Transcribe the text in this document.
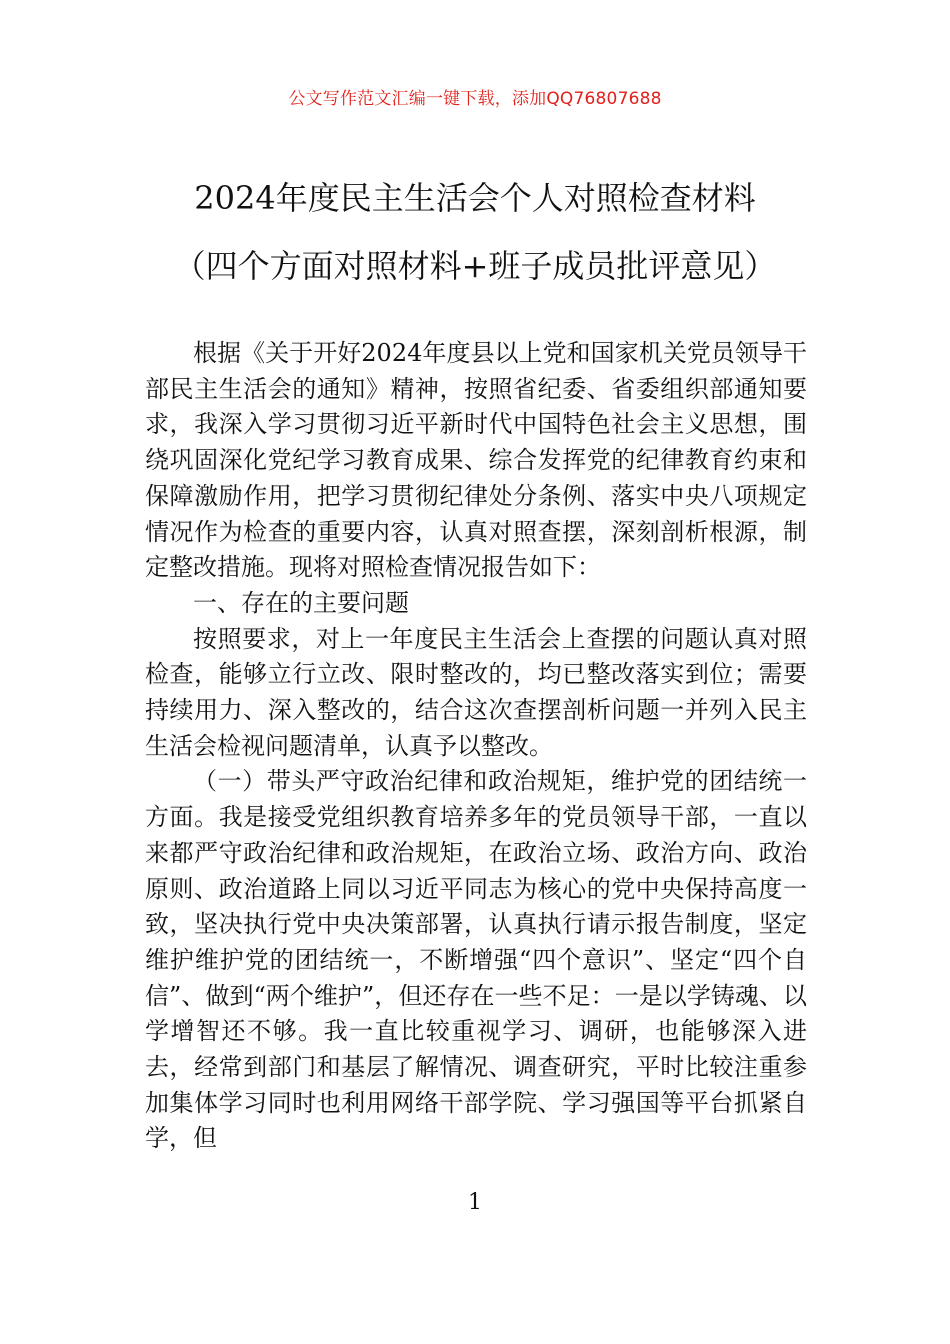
公文写作范文汇编一键下载，添加QQ76807688
2024年度民主生活会个人对照检查材料
（四个方面对照材料+班子成员批评意见）

根据《关于开好2024年度县以上党和国家机关党员领导干部民主生活会的通知》精神，按照省纪委、省委组织部通知要求，我深入学习贯彻习近平新时代中国特色社会主义思想，围绕巩固深化党纪学习教育成果、综合发挥党的纪律教育约束和保障激励作用，把学习贯彻纪律处分条例、落实中央八项规定情况作为检查的重要内容，认真对照查摆，深刻剖析根源，制定整改措施。现将对照检查情况报告如下：

一、存在的主要问题

按照要求，对上一年度民主生活会上查摆的问题认真对照检查，能够立行立改、限时整改的，均已整改落实到位；需要持续用力、深入整改的，结合这次查摆剖析问题一并列入民主生活会检视问题清单，认真予以整改。

（一）带头严守政治纪律和政治规矩，维护党的团结统一方面。我是接受党组织教育培养多年的党员领导干部，一直以来都严守政治纪律和政治规矩，在政治立场、政治方向、政治原则、政治道路上同以习近平同志为核心的党中央保持高度一致，坚决执行党中央决策部署，认真执行请示报告制度，坚定维护维护党的团结统一，不断增强“四个意识”、坚定“四个自信”、做到“两个维护”，但还存在一些不足：一是以学铸魂、以学增智还不够。我一直比较重视学习、调研，也能够深入进去，经常到部门和基层了解情况、调查研究，平时比较注重参加集体学习同时也利用网络干部学院、学习强国等平台抓紧自学，但

1
